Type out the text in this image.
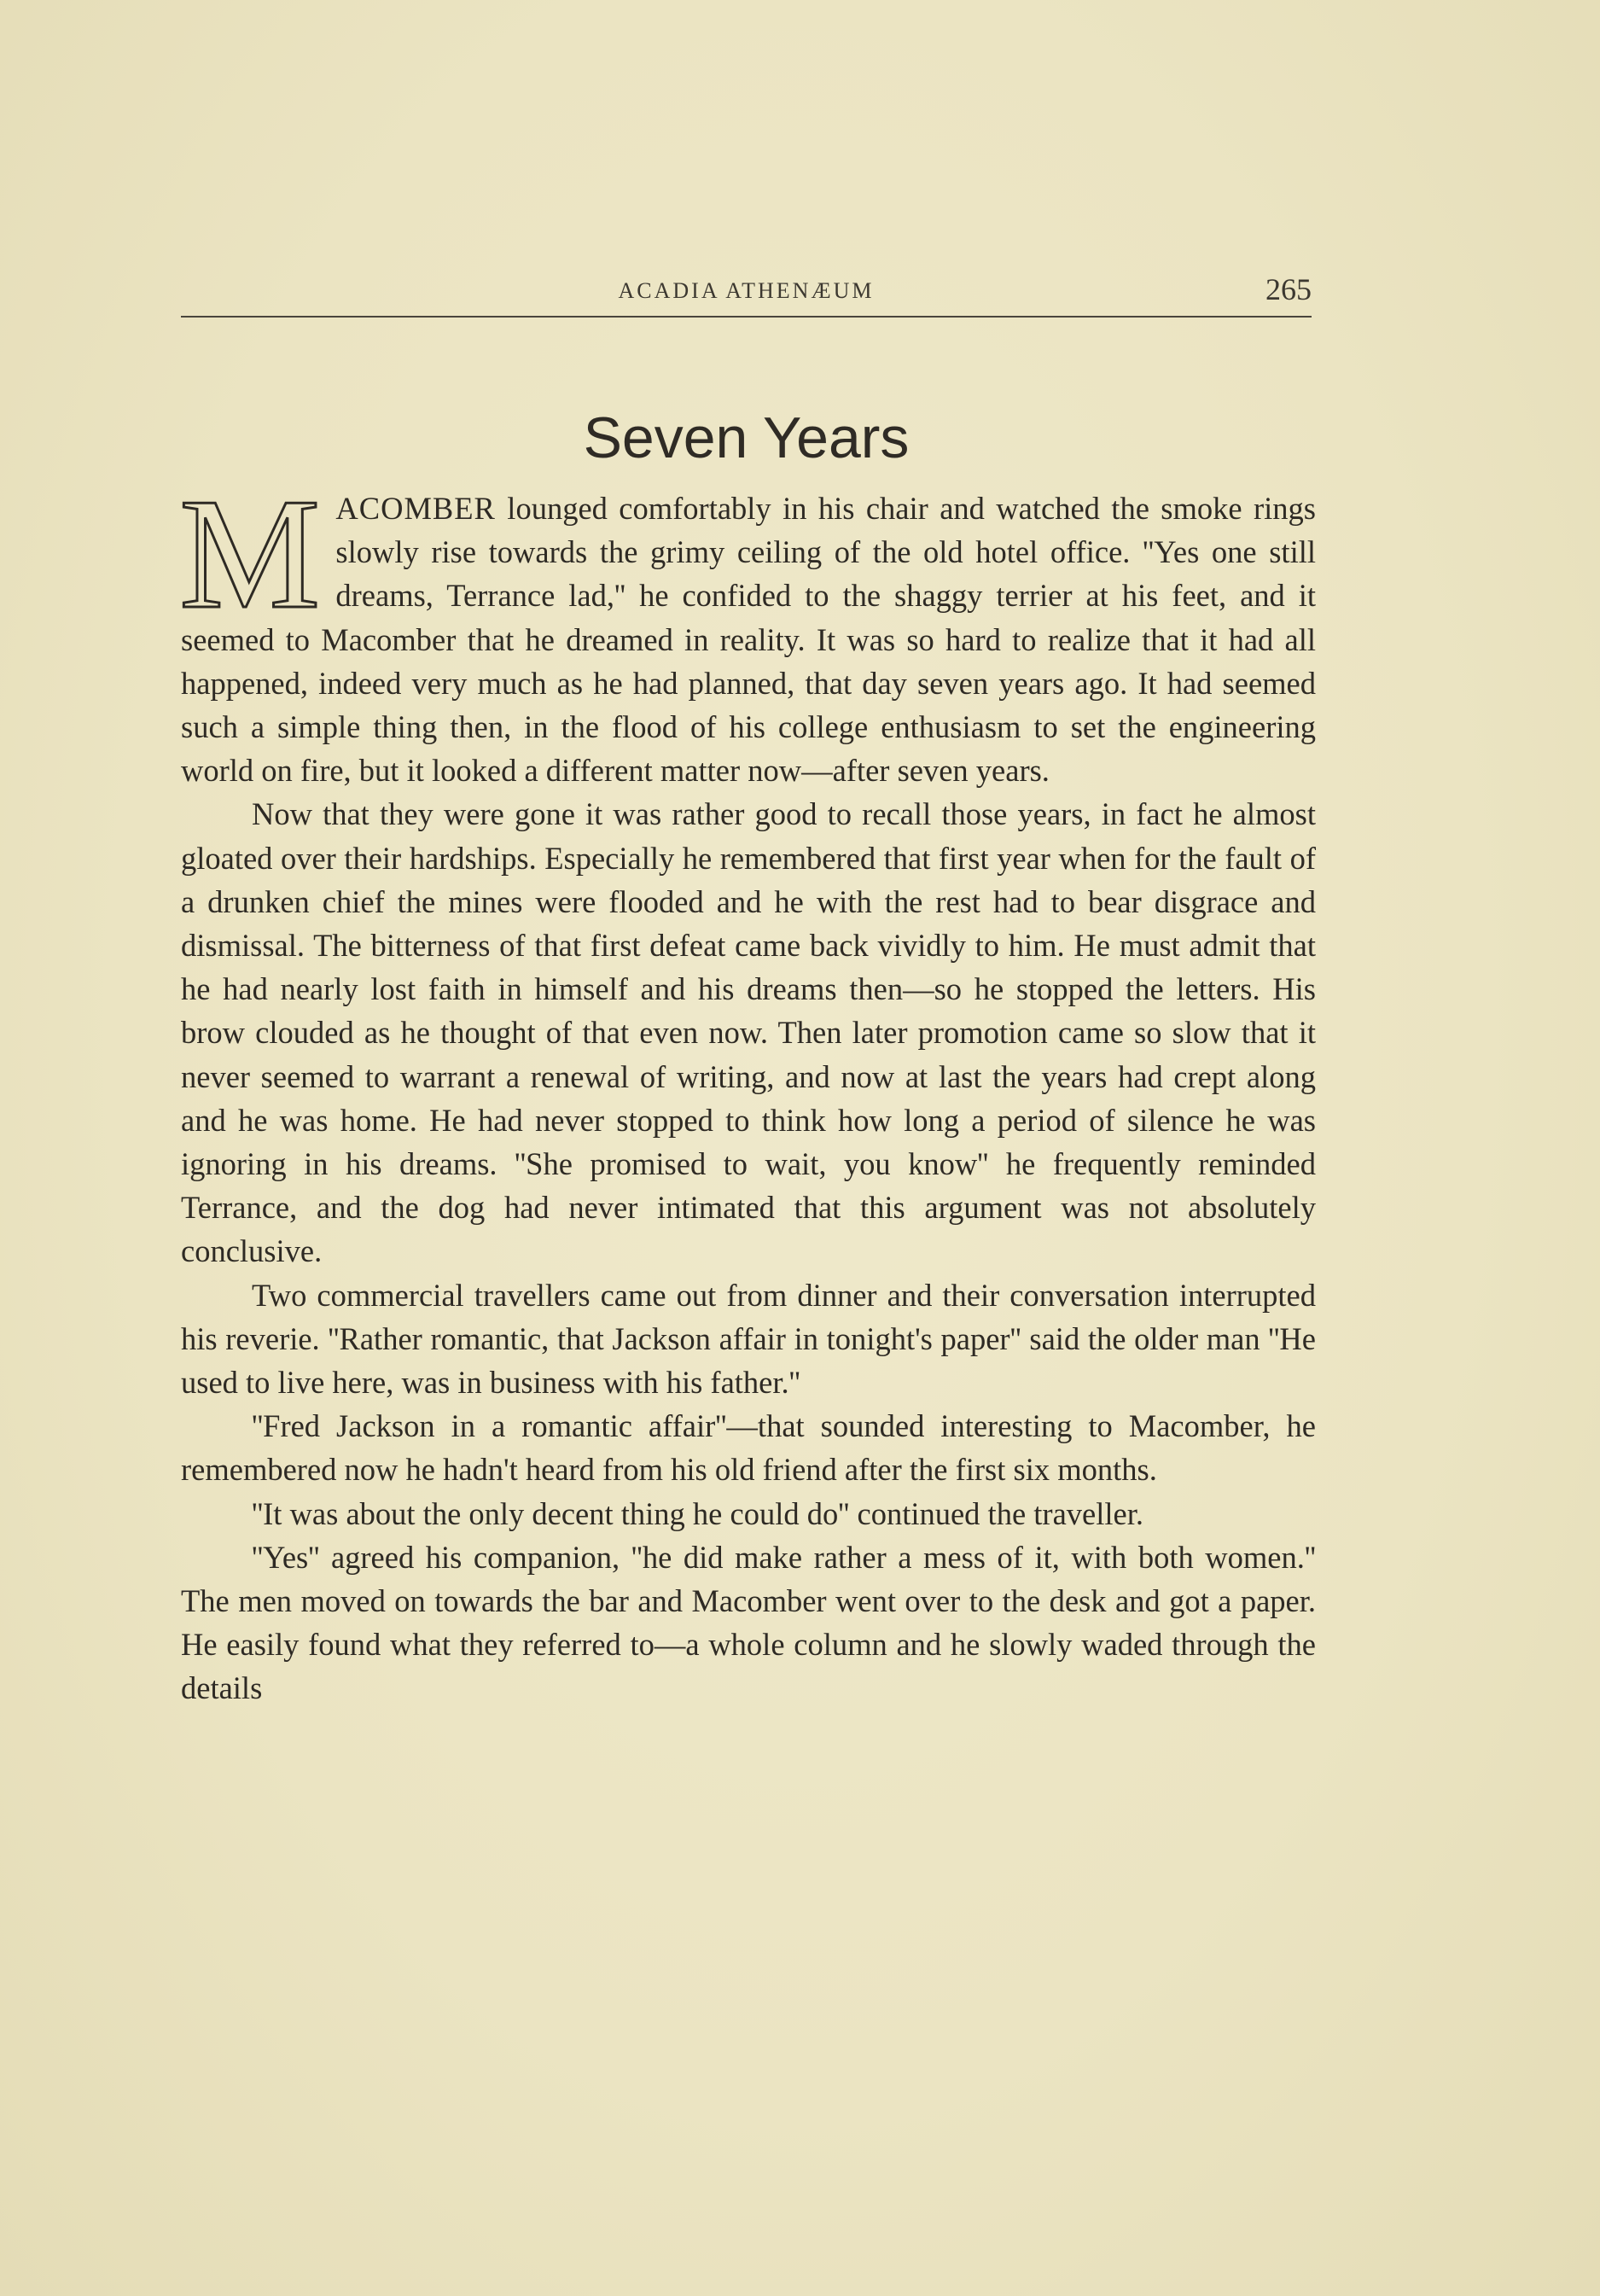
ACADIA ATHENÆUM	265
Seven Years

MACOMBER lounged comfortably in his chair and watched the smoke rings slowly rise towards the grimy ceiling of the old hotel office. ''Yes one still dreams, Terrance lad,'' he confided to the shaggy terrier at his feet, and it seemed to Macomber that he dreamed in reality. It was so hard to realize that it had all happened, indeed very much as he had planned, that day seven years ago. It had seemed such a simple thing then, in the flood of his college enthusiasm to set the engineering world on fire, but it looked a different matter now—after seven years.

Now that they were gone it was rather good to recall those years, in fact he almost gloated over their hardships. Especially he remembered that first year when for the fault of a drunken chief the mines were flooded and he with the rest had to bear disgrace and dismissal. The bitterness of that first defeat came back vividly to him. He must admit that he had nearly lost faith in himself and his dreams then—so he stopped the letters. His brow clouded as he thought of that even now. Then later promotion came so slow that it never seemed to warrant a renewal of writing, and now at last the years had crept along and he was home. He had never stopped to think how long a period of silence he was ignoring in his dreams. ''She promised to wait, you know'' he frequently reminded Terrance, and the dog had never intimated that this argument was not absolutely conclusive.

Two commercial travellers came out from dinner and their conversation interrupted his reverie. ''Rather romantic, that Jackson affair in tonight's paper'' said the older man ''He used to live here, was in business with his father.''

''Fred Jackson in a romantic affair''—that sounded interesting to Macomber, he remembered now he hadn't heard from his old friend after the first six months.

''It was about the only decent thing he could do'' continued the traveller.

''Yes'' agreed his companion, ''he did make rather a mess of it, with both women.'' The men moved on towards the bar and Macomber went over to the desk and got a paper. He easily found what they referred to—a whole column and he slowly waded through the details
